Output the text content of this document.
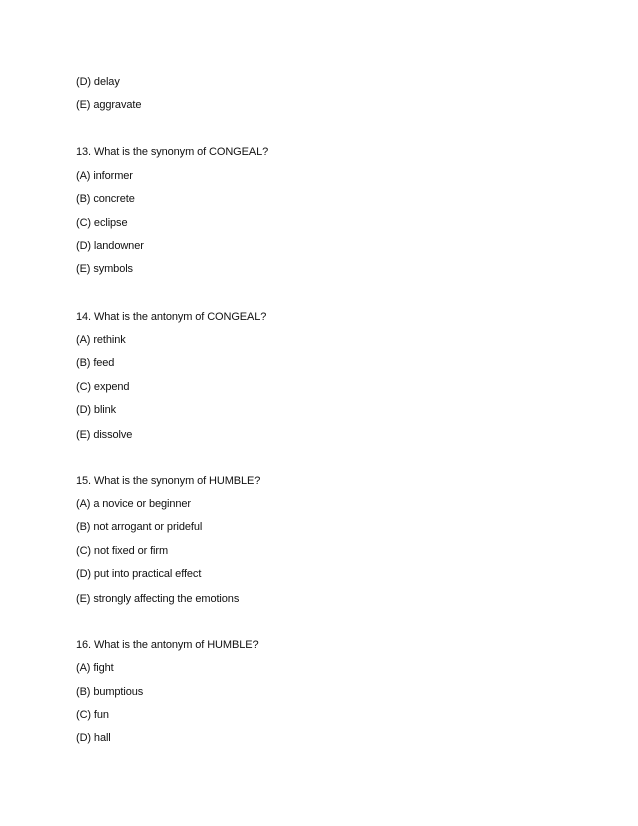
(D) delay
(E) aggravate
13. What is the synonym of CONGEAL?
(A) informer
(B) concrete
(C) eclipse
(D) landowner
(E) symbols
14. What is the antonym of CONGEAL?
(A) rethink
(B) feed
(C) expend
(D) blink
(E) dissolve
15. What is the synonym of HUMBLE?
(A) a novice or beginner
(B) not arrogant or prideful
(C) not fixed or firm
(D) put into practical effect
(E) strongly affecting the emotions
16. What is the antonym of HUMBLE?
(A) fight
(B) bumptious
(C) fun
(D) hall
